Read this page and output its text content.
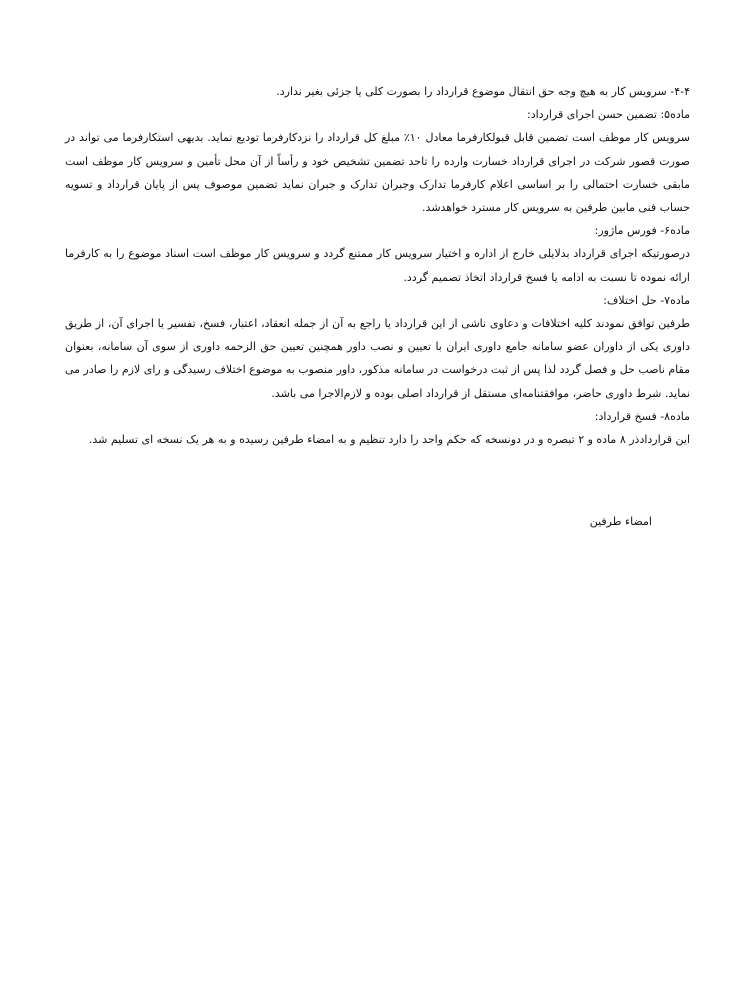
۴-۴- سرویس کار به هیچ وجه حق انتقال موضوع قرارداد را بصورت کلی یا جزئی بغیر ندارد.

ماده۵: تضمین حسن اجرای قرارداد:

سرویس کار موظف است تضمین قابل قبولکارفرما معادل ۱۰٪ مبلغ کل قرارداد را نزدکارفرما تودیع نماید. بدیهی استکارفرما می تواند در صورت قصور شرکت در اجرای قرارداد خسارت وارده را تاحد تضمین تشخیص خود و رأساً از آن محل تأمین و سرویس کار موظف است مابقی خسارت احتمالی را بر اساسی اعلام کارفرما تدارک وجبران تدارک و جبران نماید تضمین موصوف پس از پایان قرارداد و تسویه حساب فنی مابین طرفین به سرویس کار مسترد خواهدشد.

ماده۶- فورس ماژور:

درصورتیکه اجرای قرارداد بدلایلی خارج از اداره و اختیار سرویس کار ممتنع گردد و سرویس کار موظف است اسناد موضوع را به کارفرما ارائه نموده تا نسبت به ادامه یا فسخ قرارداد اتخاذ تصمیم گردد.

ماده۷- حل اختلاف:

طرفین توافق نمودند کلیه اختلافات و دعاوی ناشی از این قرارداد یا راجع به آن از جمله انعقاد، اعتبار، فسخ، تفسیر یا اجرای آن، از طریق داوری یکی از داوران عضو سامانه جامع داوری ایران با تعیین و نصب داور همچنین تعیین حق الزحمه داوری از سوی آن سامانه، بعنوان مقام ناصب حل و فصل گردد لذا پس از ثبت درخواست در سامانه مذکور، داور منصوب به موضوع اختلاف رسیدگی و رای لازم را صادر می نماید. شرط داوری حاضر، موافقتنامه‌ای مستقل از قرارداد اصلی بوده و لازم‌الاجرا می باشد.

ماده۸- فسخ قرارداد:

این قراردادذر ۸ ماده و ۲ تبصره و در دونسخه که حکم واحد را دارد تنظیم و به امضاء طرفین رسیده و به هر یک نسخه ای تسلیم شد.

امضاء طرفین
